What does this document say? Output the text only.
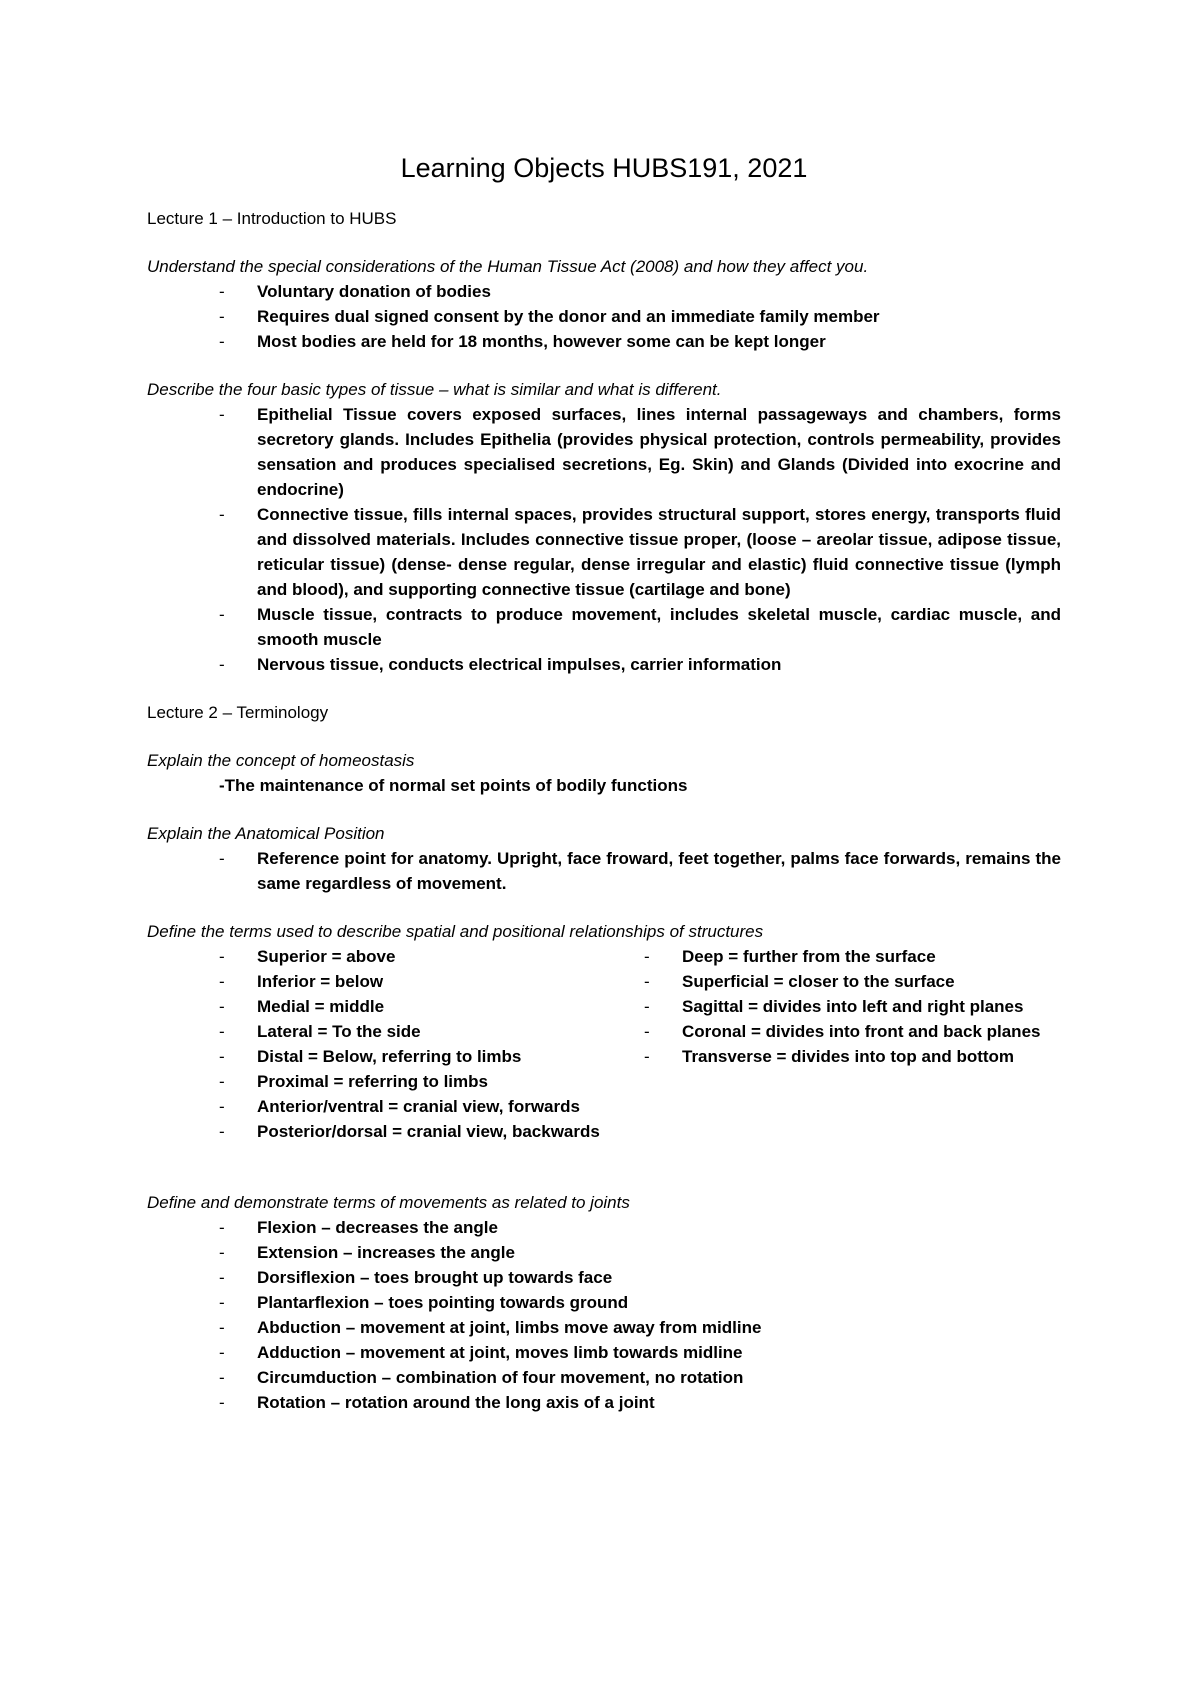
Learning Objects HUBS191, 2021

Lecture 1 – Introduction to HUBS

Understand the special considerations of the Human Tissue Act (2008) and how they affect you.

- Voluntary donation of bodies
- Requires dual signed consent by the donor and an immediate family member
- Most bodies are held for 18 months, however some can be kept longer

Describe the four basic types of tissue – what is similar and what is different.

- Epithelial Tissue covers exposed surfaces, lines internal passageways and chambers, forms secretory glands. Includes Epithelia (provides physical protection, controls permeability, provides sensation and produces specialised secretions, Eg. Skin) and Glands (Divided into exocrine and endocrine)
- Connective tissue, fills internal spaces, provides structural support, stores energy, transports fluid and dissolved materials. Includes connective tissue proper, (loose – areolar tissue, adipose tissue, reticular tissue) (dense- dense regular, dense irregular and elastic) fluid connective tissue (lymph and blood), and supporting connective tissue (cartilage and bone)
- Muscle tissue, contracts to produce movement, includes skeletal muscle, cardiac muscle, and smooth muscle
- Nervous tissue, conducts electrical impulses, carrier information

Lecture 2 – Terminology

Explain the concept of homeostasis

-The maintenance of normal set points of bodily functions

Explain the Anatomical Position

- Reference point for anatomy. Upright, face froward, feet together, palms face forwards, remains the same regardless of movement.

Define the terms used to describe spatial and positional relationships of structures

- Superior = above
- Inferior = below
- Medial = middle
- Lateral = To the side
- Distal = Below, referring to limbs
- Proximal = referring to limbs
- Anterior/ventral = cranial view, forwards
- Posterior/dorsal = cranial view, backwards
- Deep = further from the surface
- Superficial = closer to the surface
- Sagittal = divides into left and right planes
- Coronal = divides into front and back planes
- Transverse = divides into top and bottom

Define and demonstrate terms of movements as related to joints

- Flexion – decreases the angle
- Extension – increases the angle
- Dorsiflexion – toes brought up towards face
- Plantarflexion – toes pointing towards ground
- Abduction – movement at joint, limbs move away from midline
- Adduction – movement at joint, moves limb towards midline
- Circumduction – combination of four movement, no rotation
- Rotation – rotation around the long axis of a joint
